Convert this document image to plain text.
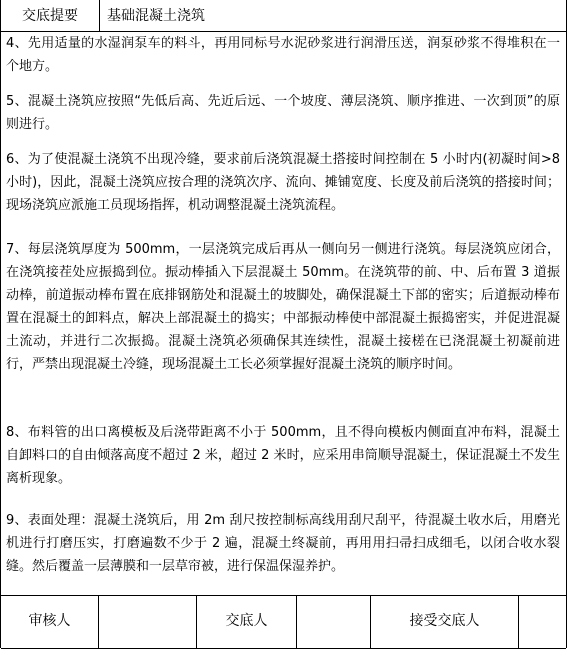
交底提要	基础混凝土浇筑
4、先用适量的水湿润泵车的料斗，再用同标号水泥砂浆进行润滑压送，润泵砂浆不得堆积在一个地方。
5、混凝土浇筑应按照“先低后高、先近后远、一个坡度、薄层浇筑、顺序推进、一次到顶”的原则进行。
6、为了使混凝土浇筑不出现冷缝，要求前后浇筑混凝土搭接时间控制在 5 小时内(初凝时间>8 小时)，因此，混凝土浇筑应按合理的浇筑次序、流向、摊铺宽度、长度及前后浇筑的搭接时间；现场浇筑应派施工员现场指挥，机动调整混凝土浇筑流程。
7、每层浇筑厚度为 500mm，一层浇筑完成后再从一侧向另一侧进行浇筑。每层浇筑应闭合，在浇筑接茬处应振捣到位。振动棒插入下层混凝土 50mm。在浇筑带的前、中、后布置 3 道振动棒，前道振动棒布置在底排钢筋处和混凝土的坡脚处，确保混凝土下部的密实；后道振动棒布置在混凝土的卸料点，解决上部混凝土的捣实；中部振动棒使中部混凝土振捣密实，并促进混凝土流动，并进行二次振捣。混凝土浇筑必须确保其连续性，混凝土接槎在已浇混凝土初凝前进行，严禁出现混凝土冷缝，现场混凝土工长必须掌握好混凝土浇筑的顺序时间。
8、布料管的出口离模板及后浇带距离不小于 500mm，且不得向模板内侧面直冲布料，混凝土自卸料口的自由倾落高度不超过 2 米，超过 2 米时，应采用串筒顺导混凝土，保证混凝土不发生离析现象。
9、表面处理：混凝土浇筑后，用 2m 刮尺按控制标高线用刮尺刮平，待混凝土收水后，用磨光机进行打磨压实，打磨遍数不少于 2 遍，混凝土终凝前，再用用扫帚扫成细毛，以闭合收水裂缝。然后覆盖一层薄膜和一层草帘被，进行保温保湿养护。
审核人	交底人	接受交底人
